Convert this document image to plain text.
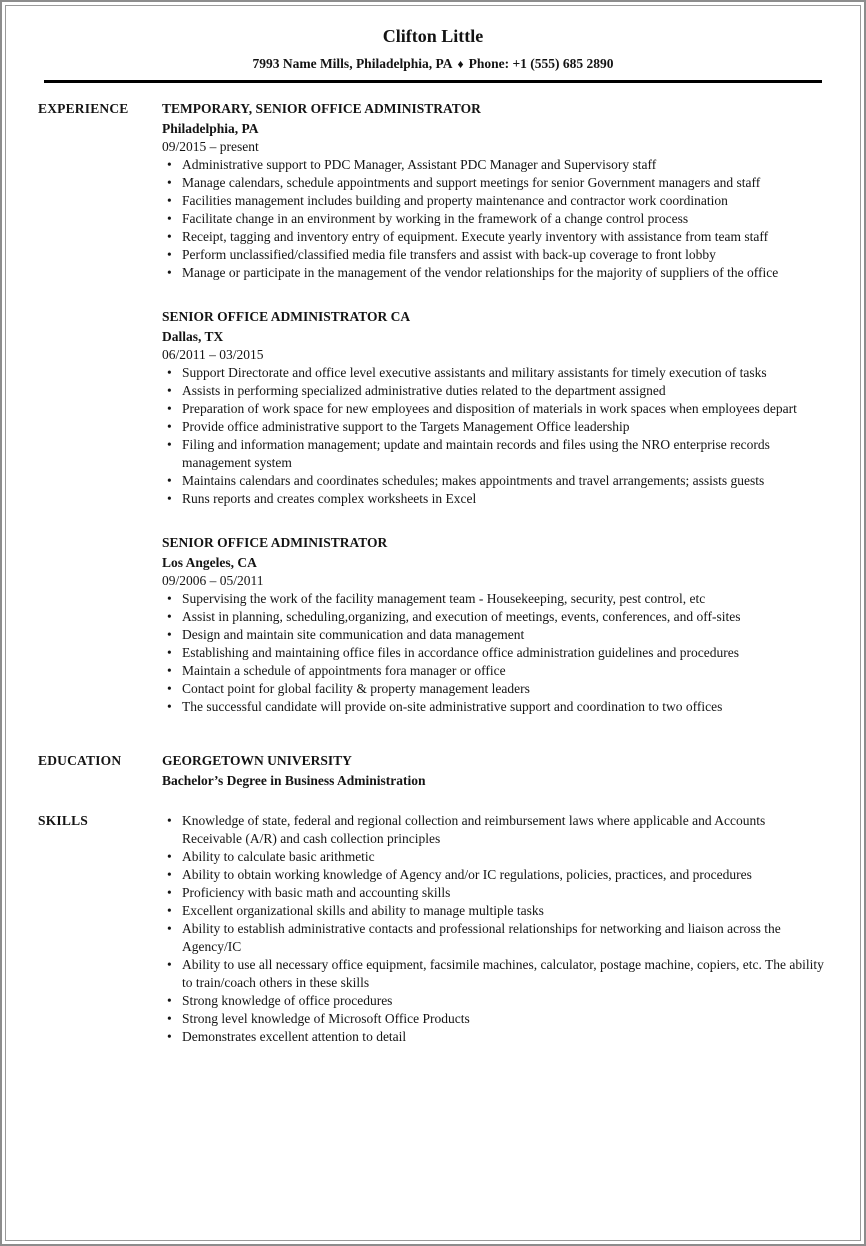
Clifton Little
7993 Name Mills, Philadelphia, PA ♦ Phone: +1 (555) 685 2890
EXPERIENCE	TEMPORARY, SENIOR OFFICE ADMINISTRATOR
Philadelphia, PA
09/2015 – present
• Administrative support to PDC Manager, Assistant PDC Manager and Supervisory staff
• Manage calendars, schedule appointments and support meetings for senior Government managers and staff
• Facilities management includes building and property maintenance and contractor work coordination
• Facilitate change in an environment by working in the framework of a change control process
• Receipt, tagging and inventory entry of equipment. Execute yearly inventory with assistance from team staff
• Perform unclassified/classified media file transfers and assist with back-up coverage to front lobby
• Manage or participate in the management of the vendor relationships for the majority of suppliers of the office
SENIOR OFFICE ADMINISTRATOR CA
Dallas, TX
06/2011 – 03/2015
• Support Directorate and office level executive assistants and military assistants for timely execution of tasks
• Assists in performing specialized administrative duties related to the department assigned
• Preparation of work space for new employees and disposition of materials in work spaces when employees depart
• Provide office administrative support to the Targets Management Office leadership
• Filing and information management; update and maintain records and files using the NRO enterprise records management system
• Maintains calendars and coordinates schedules; makes appointments and travel arrangements; assists guests
• Runs reports and creates complex worksheets in Excel
SENIOR OFFICE ADMINISTRATOR
Los Angeles, CA
09/2006 – 05/2011
• Supervising the work of the facility management team - Housekeeping, security, pest control, etc
• Assist in planning, scheduling,organizing, and execution of meetings, events, conferences, and off-sites
• Design and maintain site communication and data management
• Establishing and maintaining office files in accordance office administration guidelines and procedures
• Maintain a schedule of appointments fora manager or office
• Contact point for global facility & property management leaders
• The successful candidate will provide on-site administrative support and coordination to two offices
EDUCATION	GEORGETOWN UNIVERSITY
Bachelor’s Degree in Business Administration
SKILLS	• Knowledge of state, federal and regional collection and reimbursement laws where applicable and Accounts Receivable (A/R) and cash collection principles
• Ability to calculate basic arithmetic
• Ability to obtain working knowledge of Agency and/or IC regulations, policies, practices, and procedures
• Proficiency with basic math and accounting skills
• Excellent organizational skills and ability to manage multiple tasks
• Ability to establish administrative contacts and professional relationships for networking and liaison across the Agency/IC
• Ability to use all necessary office equipment, facsimile machines, calculator, postage machine, copiers, etc. The ability to train/coach others in these skills
• Strong knowledge of office procedures
• Strong level knowledge of Microsoft Office Products
• Demonstrates excellent attention to detail
